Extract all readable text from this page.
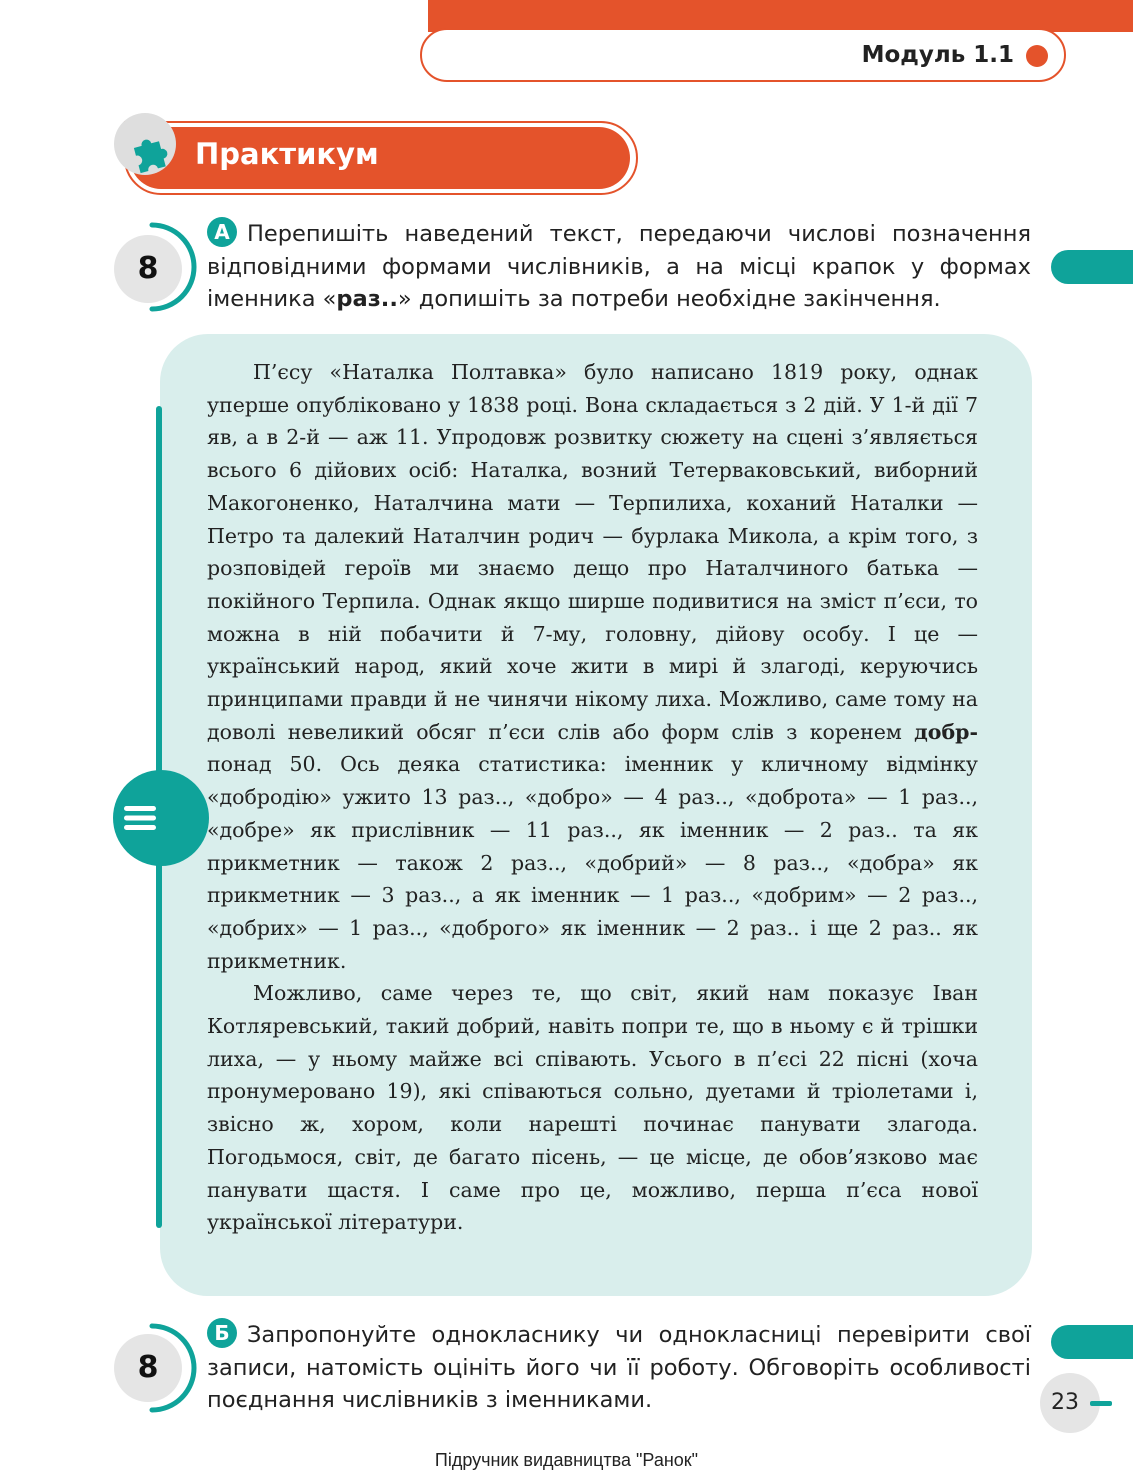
Модуль 1.1
Практикум
8
А Перепишіть наведений текст, передаючи числові позначення відповідними формами числівників, а на місці крапок у формах іменника «раз..» допишіть за потреби необхідне закінчення.

П’єсу «Наталка Полтавка» було написано 1819 року, однак уперше опубліковано у 1838 році. Вона складається з 2 дій. У 1-й дії 7 яв, а в 2-й — аж 11. Упродовж розвитку сюжету на сцені з’являється всього 6 дійових осіб: Наталка, возний Тетерваковський, виборний Макогоненко, Наталчина мати — Терпилиха, коханий Наталки — Петро та далекий Наталчин родич — бурлака Микола, а крім того, з розповідей героїв ми знаємо дещо про Наталчиного батька — покійного Терпила. Однак якщо ширше подивитися на зміст п’єси, то можна в ній побачити й 7-му, головну, дійову особу. І це — український народ, який хоче жити в мирі й злагоді, керуючись принципами правди й не чинячи нікому лиха. Можливо, саме тому на доволі невеликий обсяг п’єси слів або форм слів з коренем добр- понад 50. Ось деяка статистика: іменник у кличному відмінку «добродію» ужито 13 раз.., «добро» — 4 раз.., «доброта» — 1 раз.., «добре» як прислівник — 11 раз.., як іменник — 2 раз.. та як прикметник — також 2 раз.., «добрий» — 8 раз.., «добра» як прикметник — 3 раз.., а як іменник — 1 раз.., «добрим» — 2 раз.., «добрих» — 1 раз.., «доброго» як іменник — 2 раз.. і ще 2 раз.. як прикметник.

Можливо, саме через те, що світ, який нам показує Іван Котляревський, такий добрий, навіть попри те, що в ньому є й трішки лиха, — у ньому майже всі співають. Усього в п’єсі 22 пісні (хоча пронумеровано 19), які співаються сольно, дуетами й тріолетами і, звісно ж, хором, коли нарешті починає панувати злагода. Погодьмося, світ, де багато пісень, — це місце, де обов’язково має панувати щастя. І саме про це, можливо, перша п’єса нової української літератури.

8
Б Запропонуйте однокласнику чи однокласниці перевірити свої записи, натомість оцініть його чи її роботу. Обговоріть особливості поєднання числівників з іменниками.	23
Підручник видавництва "Ранок"
